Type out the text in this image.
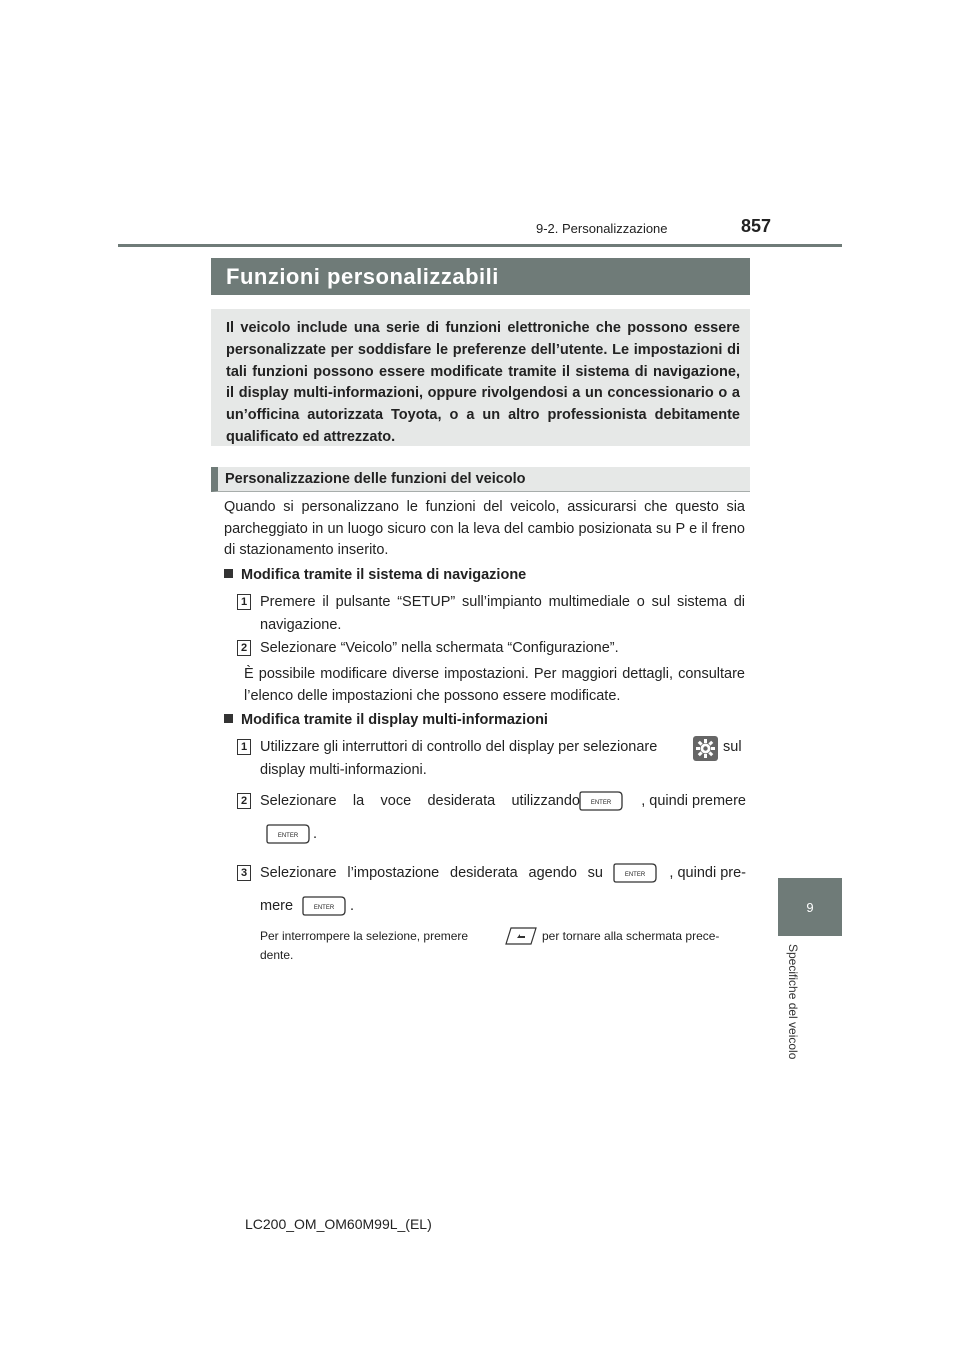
9-2. Personalizzazione	857
9
Specifiche del veicolo
Funzioni personalizzabili
Il veicolo include una serie di funzioni elettroniche che possono essere personalizzate per soddisfare le preferenze dell’utente. Le impostazioni di tali funzioni possono essere modificate tramite il sistema di navigazione, il display multi-informazioni, oppure rivolgendosi a un concessionario o a un’officina autorizzata Toyota, o a un altro professionista debitamente qualificato ed attrezzato.
Personalizzazione delle funzioni del veicolo
Quando si personalizzano le funzioni del veicolo, assicurarsi che questo sia parcheggiato in un luogo sicuro con la leva del cambio posizionata su P e il freno di stazionamento inserito.
Modifica tramite il sistema di navigazione
1 Premere il pulsante “SETUP” sull’impianto multimediale o sul sistema di navigazione.
2 Selezionare “Veicolo” nella schermata “Configurazione”.
È possibile modificare diverse impostazioni. Per maggiori dettagli, consultare l’elenco delle impostazioni che possono essere modificate.
Modifica tramite il display multi-informazioni
1 Utilizzare gli interruttori di controllo del display per selezionare	sul
display multi-informazioni.
2 Selezionare la voce desiderata utilizzando ENTER	, quindi premere
ENTER .
3 Selezionare l’impostazione desiderata agendo su	ENTER	, quindi pre-
mere	ENTER .
Per interrompere la selezione, premere	per tornare alla schermata prece-
dente.
LC200_OM_OM60M99L_(EL)
